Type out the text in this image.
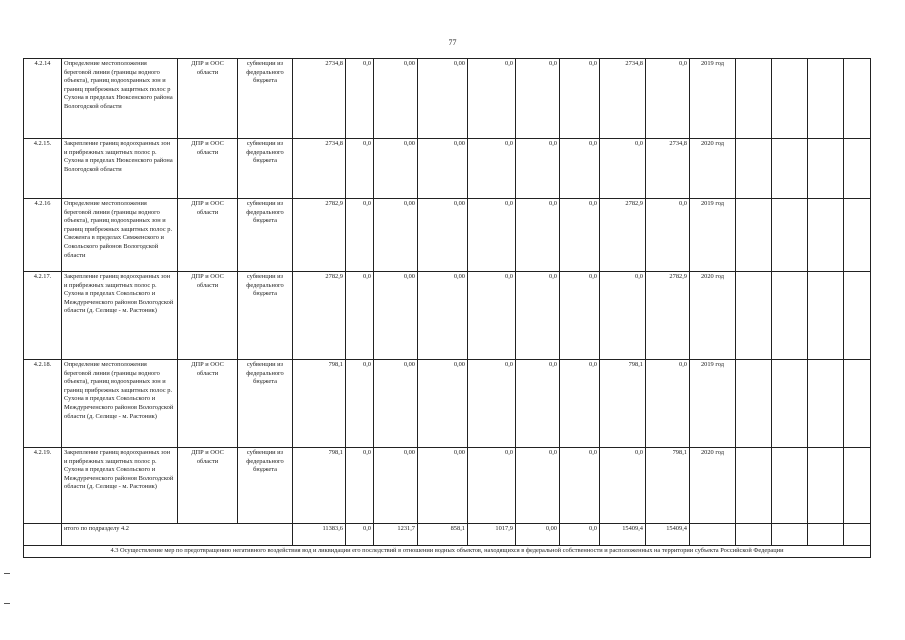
77
4.2.14	Определение местоположения береговой линии (границы водного объекта), границ водоохранных зон и границ прибрежных защитных полос р Сухона в пределах Нюксенского района Вологодской области	ДПР и ООС области	субвенции из федерального бюджета	2734,8	0,0	0,00	0,00	0,0	0,0	0,0	2734,8	0,0	2019 год				
4.2.15.	Закрепление границ водоохранных зон и прибрежных защитных полос р. Сухона в пределах Нюксенского района Вологодской области	ДПР и ООС области	субвенции из федерального бюджета	2734,8	0,0	0,00	0,00	0,0	0,0	0,0	0,0	2734,8	2020 год				
4.2.16	Определение местоположения береговой линии (границы водного объекта), границ водоохранных зон и границ прибрежных защитных полос р. Свеженга в пределах Сямженского и Сокольского районов Вологодской области	ДПР и ООС области	субвенции из федерального бюджета	2782,9	0,0	0,00	0,00	0,0	0,0	0,0	2782,9	0,0	2019 год				
4.2.17.	Закрепление границ водоохранных зон и прибрежных защитных полос р. Сухона в пределах Сокольского и Междуреченского районов Вологодской области (д. Селище - м. Растоник)	ДПР и ООС области	субвенции из федерального бюджета	2782,9	0,0	0,00	0,00	0,0	0,0	0,0	0,0	2782,9	2020 год				
4.2.18.	Определение местоположения береговой линии (границы водного объекта), границ водоохранных зон и границ прибрежных защитных полос р. Сухона в пределах Сокольского и Междуреченского районов Вологодской области (д. Селище - м. Растоник)	ДПР и ООС области	субвенции из федерального бюджета	798,1	0,0	0,00	0,00	0,0	0,0	0,0	798,1	0,0	2019 год				
4.2.19.	Закрепление границ водоохранных зон и прибрежных защитных полос р. Сухона в пределах Сокольского и Междуреченского районов Вологодской области (д. Селище - м. Растоник)	ДПР и ООС области	субвенции из федерального бюджета	798,1	0,0	0,00	0,00	0,0	0,0	0,0	0,0	798,1	2020 год				
	итого по подразделу 4.2			11383,6	0,0	1231,7	858,1	1017,9	0,00	0,0	15409,4	15409,4					
4.3 Осуществление мер по предотвращению негативного воздействия вод и ликвидации его последствий в отношении водных объектов, находящихся в федеральной собственности и расположенных на территории субъекта Российской Федерации																	
